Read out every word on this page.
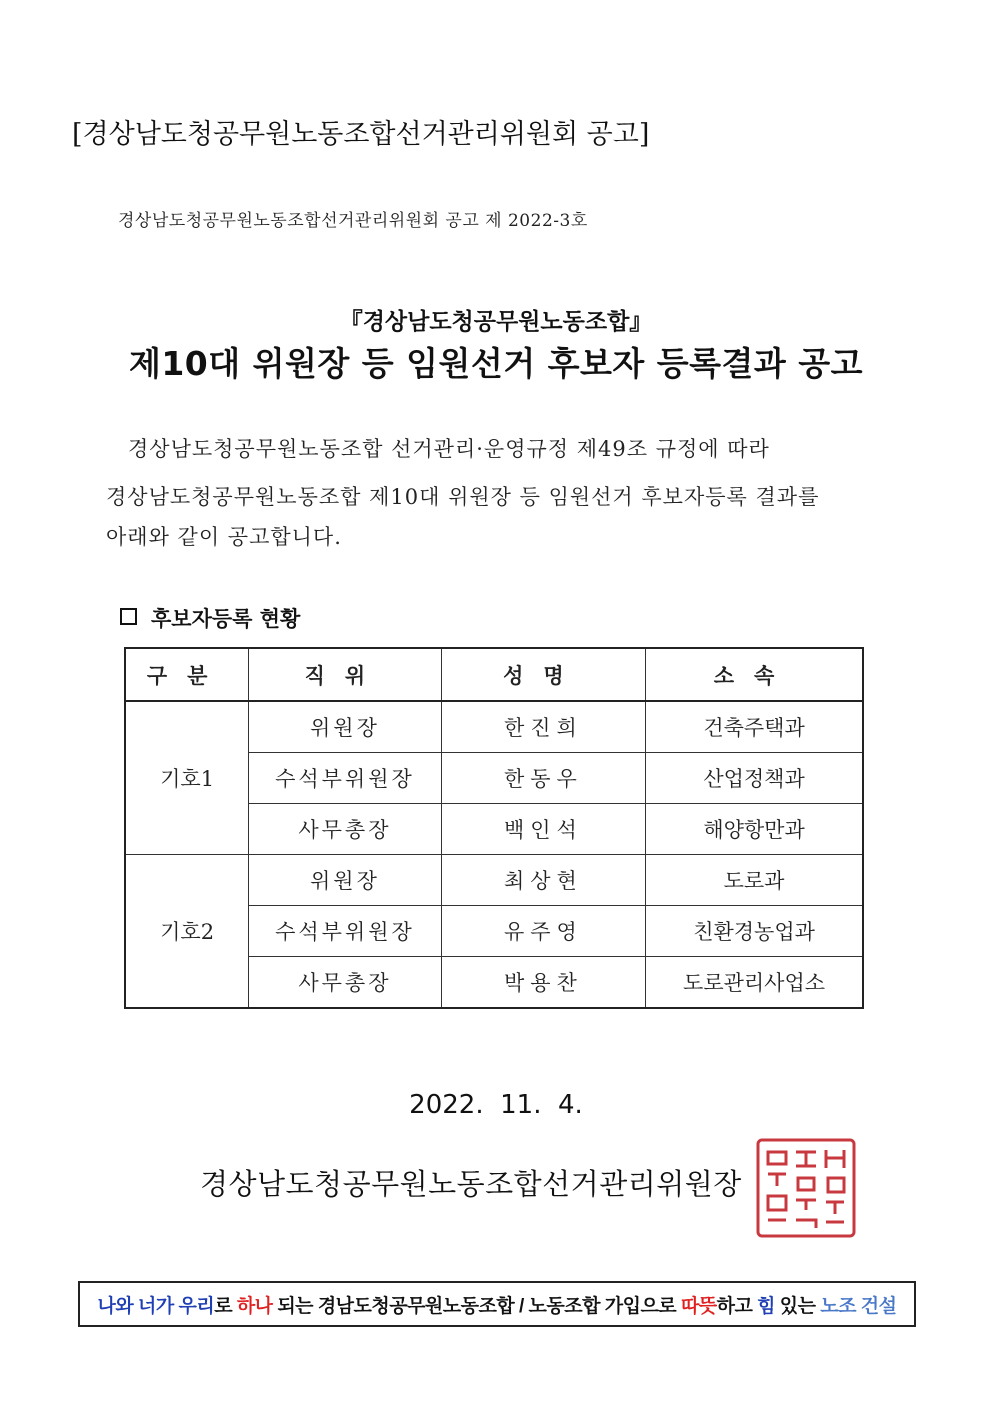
[경상남도청공무원노동조합선거관리위원회 공고]
경상남도청공무원노동조합선거관리위원회 공고 제 2022-3호
『경상남도청공무원노동조합』
제10대 위원장 등 임원선거 후보자 등록결과 공고
경상남도청공무원노동조합 선거관리·운영규정 제49조 규정에 따라
경상남도청공무원노동조합 제10대 위원장 등 임원선거 후보자등록 결과를
아래와 같이 공고합니다.
후보자등록 현황
구분	직위	성명	소속
기호1	위원장	한진희	건축주택과
	수석부위원장	한동우	산업정책과
	사무총장	백인석	해양항만과
기호2	위원장	최상현	도로과
	수석부위원장	유주영	친환경농업과
	사무총장	박용찬	도로관리사업소
2022.  11.  4.
경상남도청공무원노동조합선거관리위원장
나와 너가 우리 로 하나 되는 경남도청공무원노동조합 / 노동조합 가입으로 따뜻 하고 힘 있는 노조 건설
